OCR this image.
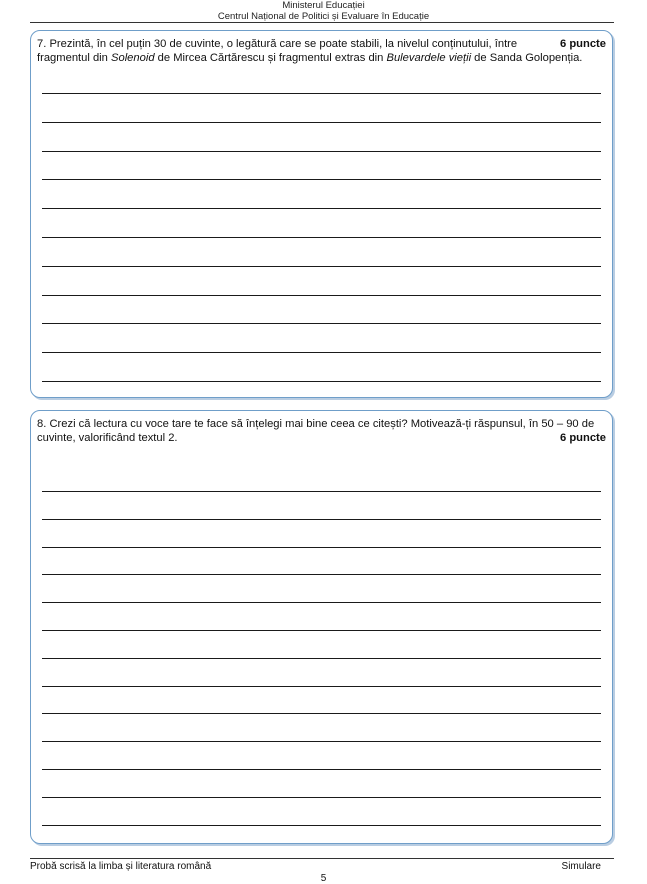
Ministerul Educației
Centrul Național de Politici și Evaluare în Educație
6 puncte
7. Prezintă, în cel puțin 30 de cuvinte, o legătură care se poate stabili, la nivelul conținutului, între fragmentul din Solenoid de Mircea Cărtărescu și fragmentul extras din Bulevardele vieții de Sanda Golopenția.
6 puncte
8. Crezi că lectura cu voce tare te face să înțelegi mai bine ceea ce citești? Motivează-ți răspunsul, în 50 – 90 de cuvinte, valorificând textul 2.
Probă scrisă la limba și literatura română	Simulare
5
